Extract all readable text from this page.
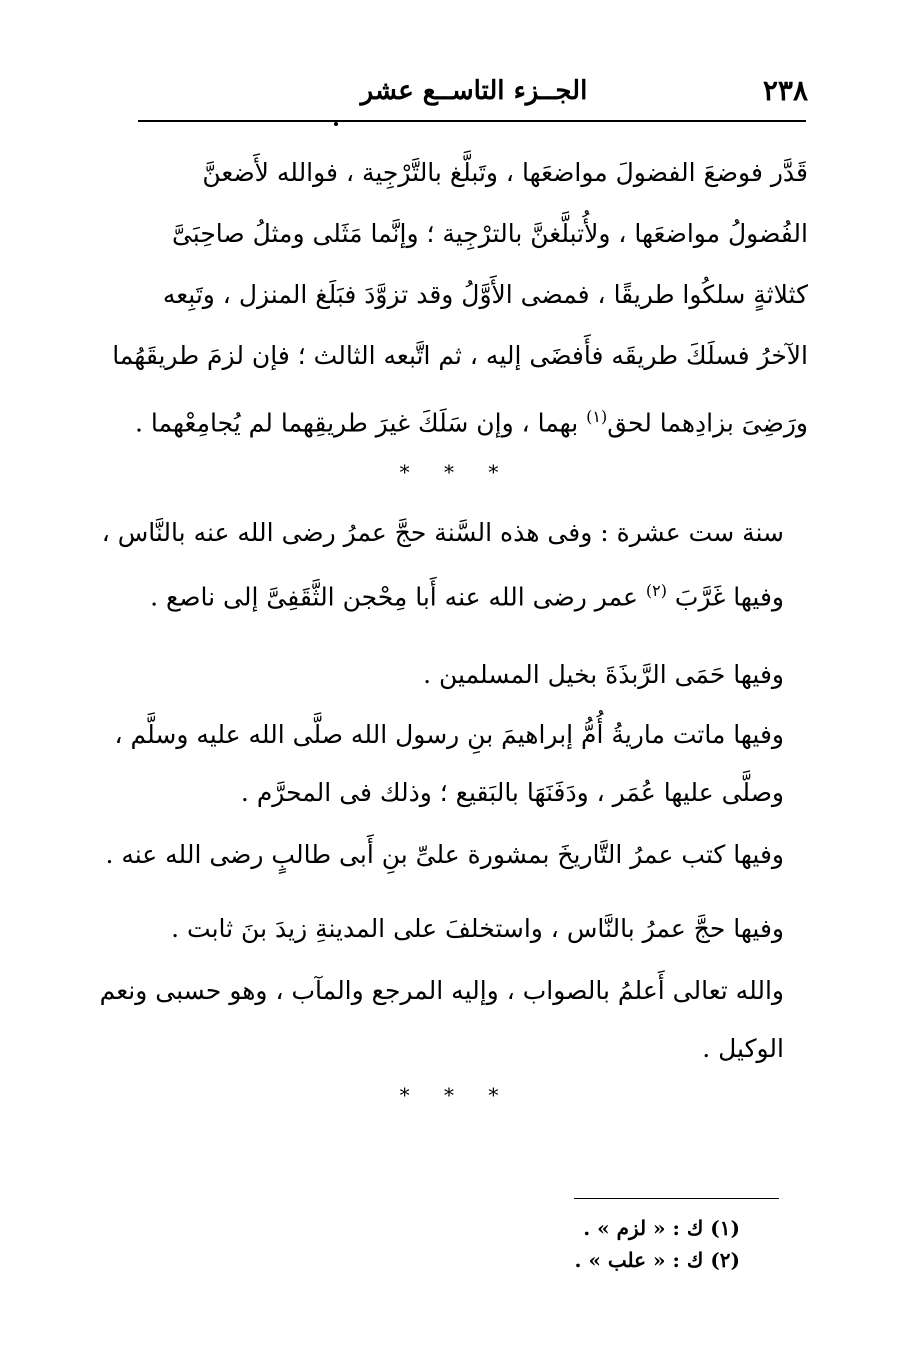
٢٣٨
الجــزء التاســع عشر
قَدَّر فوضعَ الفضولَ مواضعَها ، وتَبلَّغ بالتَّرْجِية ، فوالله لأَضعنَّ
الفُضولُ مواضعَها ، ولأُتبلَّغنَّ بالترْجِية ؛ وإنَّما مَثَلى ومثلُ صاحِبَىَّ
كثلاثةٍ سلكُوا طريقًا ، فمضى الأَوَّلُ وقد تزوَّدَ فبَلَغ المنزل ، وتَبِعه
الآخرُ فسلَكَ طريقَه فأَفضَى إليه ، ثم اتَّبعه الثالث ؛ فإن لزمَ طريقَهُما
ورَضِىَ بزادِهما لحق$^{(١)}$ بهما ، وإن سَلَكَ غيرَ طريقِهما لم يُجامِعْهما .
* * *
سنة ست عشرة : وفى هذه السَّنة حجَّ عمرُ رضى الله عنه بالنَّاس ،
وفيها غَرَّبَ $^{(٢)}$ عمر رضى الله عنه أَبا مِحْجن الثَّقَفِىَّ إلى ناصع .
وفيها حَمَى الرَّبذَةَ بخيل المسلمين .
وفيها ماتت ماريةُ أُمُّ إبراهيمَ بنِ رسول الله صلَّى الله عليه وسلَّم ،
وصلَّى عليها عُمَر ، ودَفَنَهَا بالبَقيع ؛ وذلك فى المحرَّم .
وفيها كتب عمرُ التَّاريخَ بمشورة علىِّ بنِ أَبى طالبٍ رضى الله عنه .
وفيها حجَّ عمرُ بالنَّاس ، واستخلفَ على المدينةِ زيدَ بنَ ثابت .
والله تعالى أَعلمُ بالصواب ، وإليه المرجع والمآب ، وهو حسبى ونعم
الوكيل .
* * *
(١) ك : « لزم » .
(٢) ك : « علب » .
